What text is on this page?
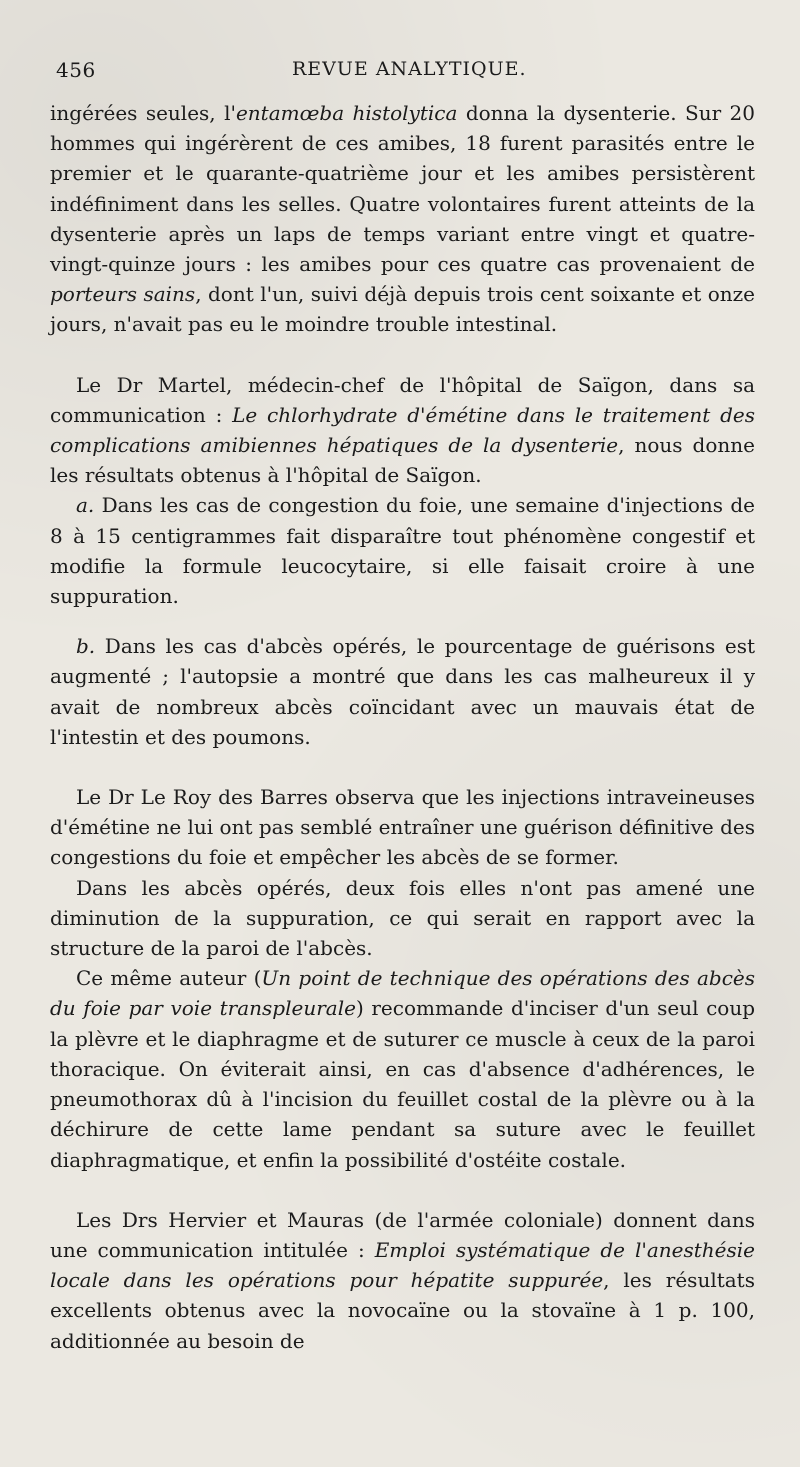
456	REVUE ANALYTIQUE.

ingérées seules, l'entamœba histolytica donna la dysenterie. Sur 20 hommes qui ingérèrent de ces amibes, 18 furent parasités entre le premier et le quarante-quatrième jour et les amibes persistèrent indéfiniment dans les selles. Quatre volontaires furent atteints de la dysenterie après un laps de temps variant entre vingt et quatre-vingt-quinze jours : les amibes pour ces quatre cas provenaient de porteurs sains, dont l'un, suivi déjà depuis trois cent soixante et onze jours, n'avait pas eu le moindre trouble intestinal.

Le Dr Martel, médecin-chef de l'hôpital de Saïgon, dans sa communication : Le chlorhydrate d'émétine dans le traitement des complications amibiennes hépatiques de la dysenterie, nous donne les résultats obtenus à l'hôpital de Saïgon.

a. Dans les cas de congestion du foie, une semaine d'injections de 8 à 15 centigrammes fait disparaître tout phénomène congestif et modifie la formule leucocytaire, si elle faisait croire à une suppuration.

b. Dans les cas d'abcès opérés, le pourcentage de guérisons est augmenté ; l'autopsie a montré que dans les cas malheureux il y avait de nombreux abcès coïncidant avec un mauvais état de l'intestin et des poumons.

Le Dr Le Roy des Barres observa que les injections intraveineuses d'émétine ne lui ont pas semblé entraîner une guérison définitive des congestions du foie et empêcher les abcès de se former.

Dans les abcès opérés, deux fois elles n'ont pas amené une diminution de la suppuration, ce qui serait en rapport avec la structure de la paroi de l'abcès.

Ce même auteur (Un point de technique des opérations des abcès du foie par voie transpleurale) recommande d'inciser d'un seul coup la plèvre et le diaphragme et de suturer ce muscle à ceux de la paroi thoracique. On éviterait ainsi, en cas d'absence d'adhérences, le pneumothorax dû à l'incision du feuillet costal de la plèvre ou à la déchirure de cette lame pendant sa suture avec le feuillet diaphragmatique, et enfin la possibilité d'ostéite costale.

Les Drs Hervier et Mauras (de l'armée coloniale) donnent dans une communication intitulée : Emploi systématique de l'anesthésie locale dans les opérations pour hépatite suppurée, les résultats excellents obtenus avec la novocaïne ou la stovaïne à 1 p. 100, additionnée au besoin de
